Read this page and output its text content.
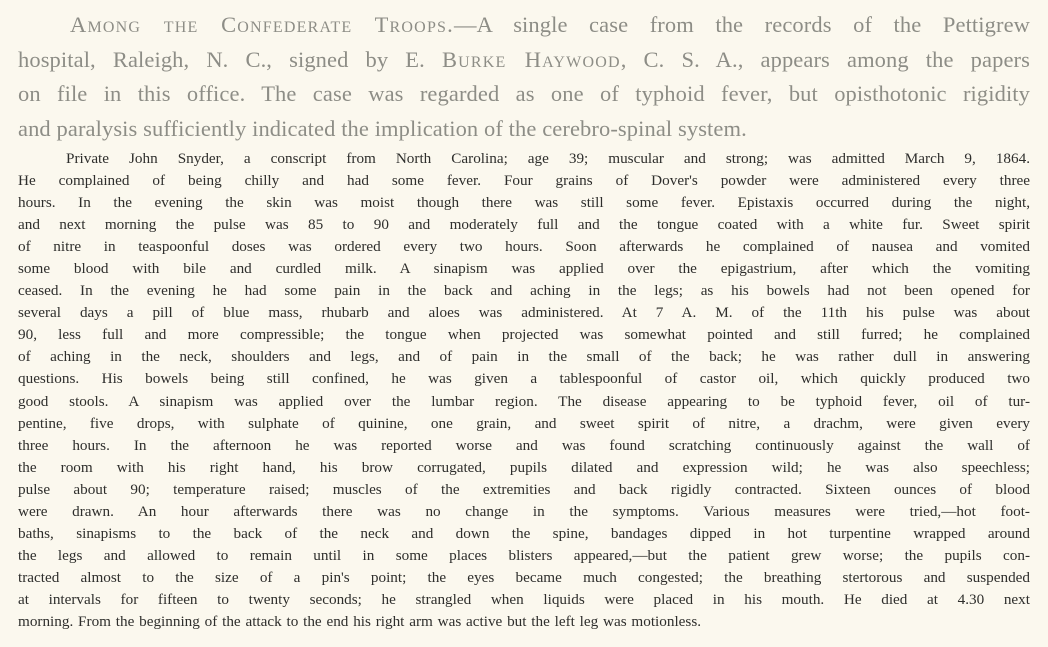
Among the Confederate Troops.—A single case from the records of the Pettigrew
hospital, Raleigh, N. C., signed by E. Burke Haywood, C. S. A., appears among the papers
on file in this office. The case was regarded as one of typhoid fever, but opisthotonic rigidity
and paralysis sufficiently indicated the implication of the cerebro-spinal system.
Private John Snyder, a conscript from North Carolina; age 39; muscular and strong; was admitted March 9, 1864.
He complained of being chilly and had some fever. Four grains of Dover's powder were administered every three
hours. In the evening the skin was moist though there was still some fever. Epistaxis occurred during the night,
and next morning the pulse was 85 to 90 and moderately full and the tongue coated with a white fur. Sweet spirit
of nitre in teaspoonful doses was ordered every two hours. Soon afterwards he complained of nausea and vomited
some blood with bile and curdled milk. A sinapism was applied over the epigastrium, after which the vomiting
ceased. In the evening he had some pain in the back and aching in the legs; as his bowels had not been opened for
several days a pill of blue mass, rhubarb and aloes was administered. At 7 A. M. of the 11th his pulse was about
90, less full and more compressible; the tongue when projected was somewhat pointed and still furred; he complained
of aching in the neck, shoulders and legs, and of pain in the small of the back; he was rather dull in answering
questions. His bowels being still confined, he was given a tablespoonful of castor oil, which quickly produced two
good stools. A sinapism was applied over the lumbar region. The disease appearing to be typhoid fever, oil of tur-
pentine, five drops, with sulphate of quinine, one grain, and sweet spirit of nitre, a drachm, were given every
three hours. In the afternoon he was reported worse and was found scratching continuously against the wall of
the room with his right hand, his brow corrugated, pupils dilated and expression wild; he was also speechless;
pulse about 90; temperature raised; muscles of the extremities and back rigidly contracted. Sixteen ounces of blood
were drawn. An hour afterwards there was no change in the symptoms. Various measures were tried,—hot foot-
baths, sinapisms to the back of the neck and down the spine, bandages dipped in hot turpentine wrapped around
the legs and allowed to remain until in some places blisters appeared,—but the patient grew worse; the pupils con-
tracted almost to the size of a pin's point; the eyes became much congested; the breathing stertorous and suspended
at intervals for fifteen to twenty seconds; he strangled when liquids were placed in his mouth. He died at 4.30 next
morning. From the beginning of the attack to the end his right arm was active but the left leg was motionless.
